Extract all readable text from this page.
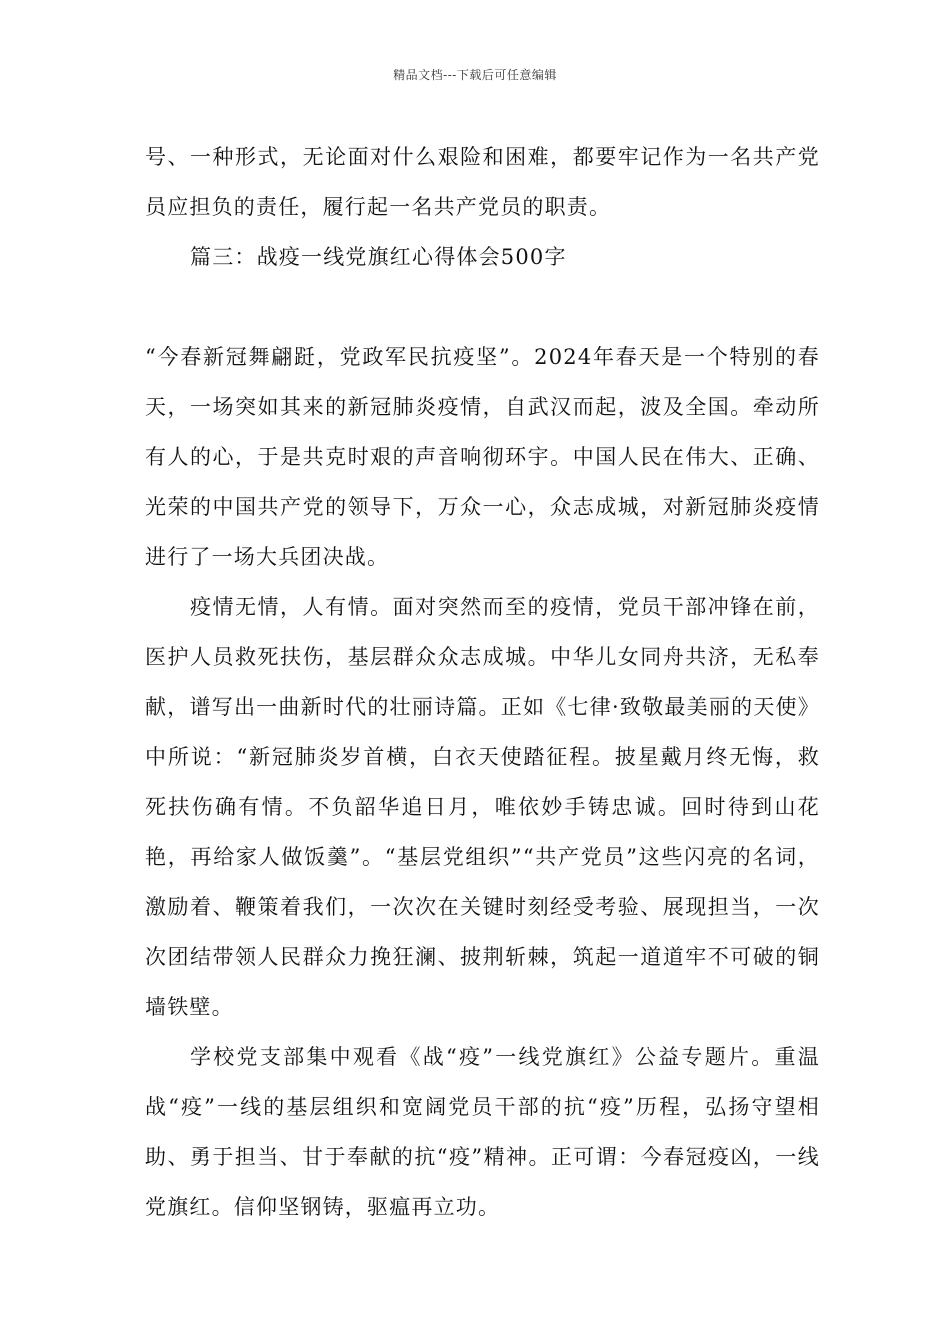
精品文档---下载后可任意编辑

号、一种形式，无论面对什么艰险和困难，都要牢记作为一名共产党员应担负的责任，履行起一名共产党员的职责。

篇三：战疫一线党旗红心得体会500字

“今春新冠舞翩跹，党政军民抗疫坚”。2024年春天是一个特别的春天，一场突如其来的新冠肺炎疫情，自武汉而起，波及全国。牵动所有人的心，于是共克时艰的声音响彻环宇。中国人民在伟大、正确、光荣的中国共产党的领导下，万众一心，众志成城，对新冠肺炎疫情进行了一场大兵团决战。

疫情无情，人有情。面对突然而至的疫情，党员干部冲锋在前，医护人员救死扶伤，基层群众众志成城。中华儿女同舟共济，无私奉献，谱写出一曲新时代的壮丽诗篇。正如《七律·致敬最美丽的天使》中所说：“新冠肺炎岁首横，白衣天使踏征程。披星戴月终无悔，救死扶伤确有情。不负韶华追日月，唯依妙手铸忠诚。回时待到山花艳，再给家人做饭羹”。“基层党组织”“共产党员”这些闪亮的名词，激励着、鞭策着我们，一次次在关键时刻经受考验、展现担当，一次次团结带领人民群众力挽狂澜、披荆斩棘，筑起一道道牢不可破的铜墙铁壁。

学校党支部集中观看《战“疫”一线党旗红》公益专题片。重温战“疫”一线的基层组织和宽阔党员干部的抗“疫”历程，弘扬守望相助、勇于担当、甘于奉献的抗“疫”精神。正可谓：今春冠疫凶，一线党旗红。信仰坚钢铸，驱瘟再立功。
